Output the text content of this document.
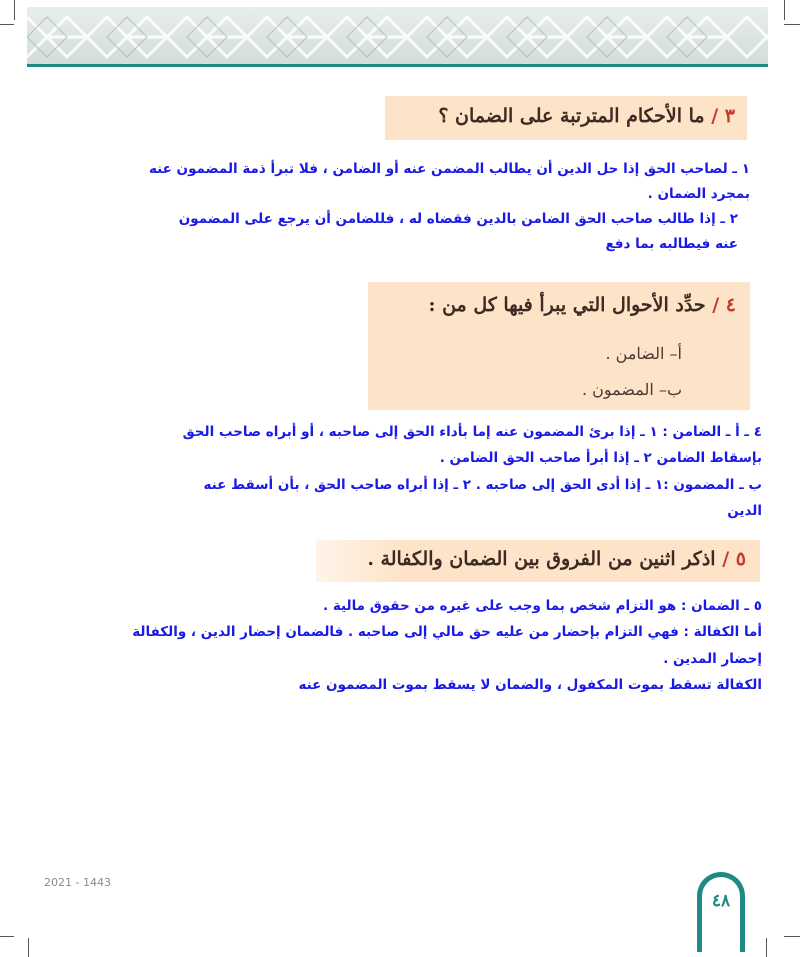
٣ / ما الأحكام المترتبة على الضمان ؟
١ ـ لصاحب الحق إذا حل الدين أن يطالب المضمن عنه أو الضامن ، فلا تبرأ ذمة المضمون عنه
بمجرد الضمان .
٢ ـ إذا طالب صاحب الحق الضامن بالدين فقضاه له ، فللضامن أن يرجع على المضمون
عنه فيطالبه بما دفع
٤ / حدِّد الأحوال التي يبرأ فيها كل من :
أ– الضامن .
ب– المضمون .
٤ ـ أ ـ الضامن : ١ ـ إذا برئ المضمون عنه إما بأداء الحق إلى صاحبه ، أو أبراه صاحب الحق
بإسقاط الضامن ٢ ـ إذا أبرأ صاحب الحق الضامن .
ب ـ المضمون :١ ـ إذا أدى الحق إلى صاحبه . ٢ ـ إذا أبراه صاحب الحق ، بأن أسقط عنه
الدين
٥ / اذكر اثنين من الفروق بين الضمان والكفالة .
٥ ـ الضمان : هو التزام شخص بما وجب على غيره من حقوق مالية .
أما الكفالة : فهي التزام بإحضار من عليه حق مالي إلى صاحبه . فالضمان إحضار الدين ، والكفالة
إحضار المدين .
الكفالة تسقط بموت المكفول ، والضمان لا يسقط بموت المضمون عنه
2021 - 1443
٤٨
